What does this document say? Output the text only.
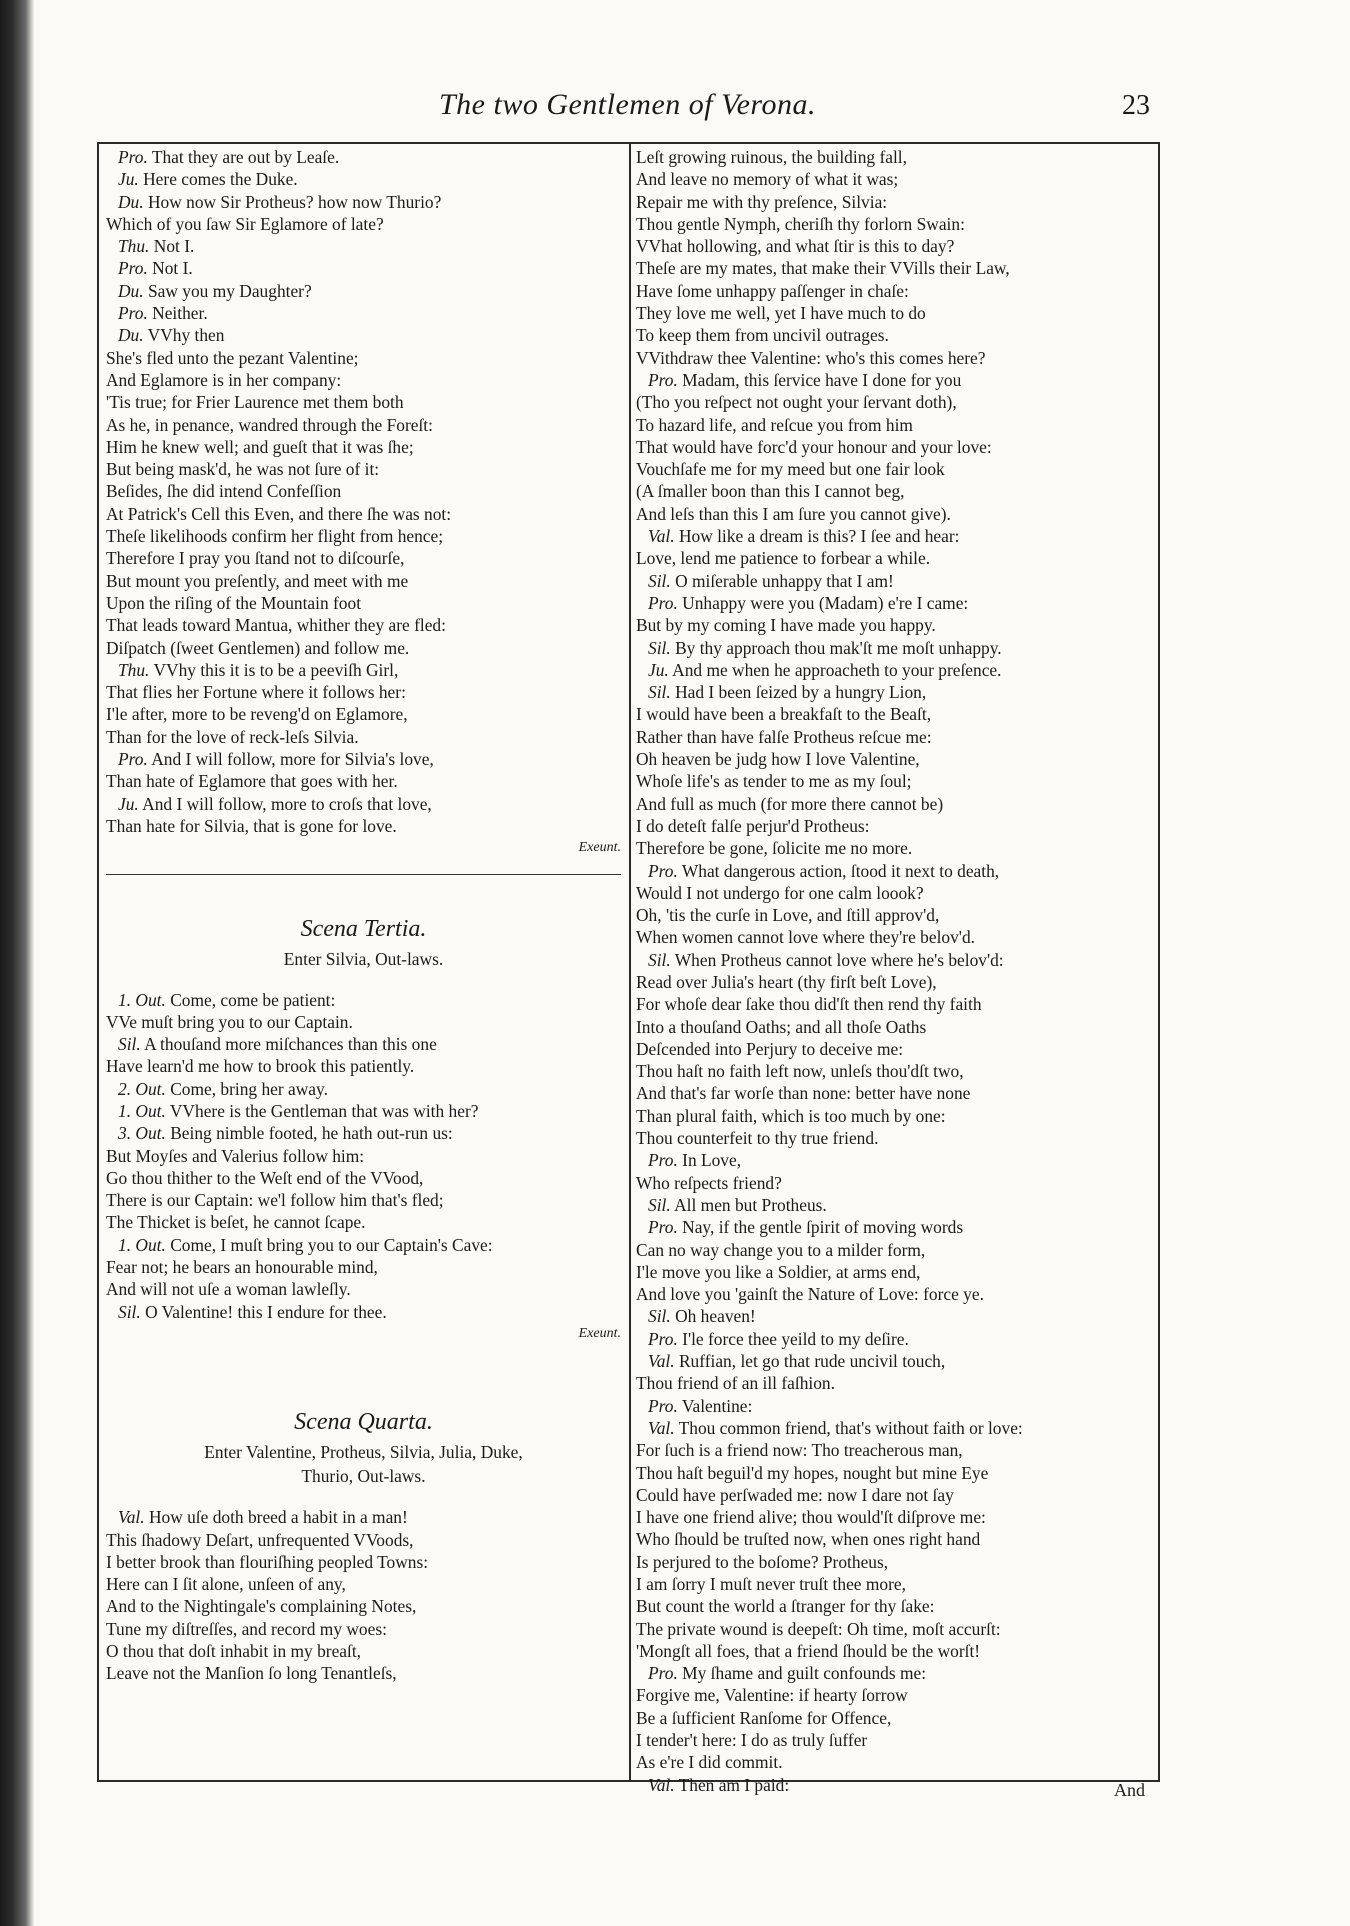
The two Gentlemen of Verona.	23
Pro. That they are out by Leaſe.
Ju. Here comes the Duke.
Du. How now Sir Protheus? how now Thurio?
Which of you ſaw Sir Eglamore of late?
Thu. Not I.
Pro. Not I.
Du. Saw you my Daughter?
Pro. Neither.
Du. VVhy then
She's fled unto the pezant Valentine;
And Eglamore is in her company:
'Tis true; for Frier Laurence met them both
As he, in penance, wandred through the Foreſt:
Him he knew well; and gueſt that it was ſhe;
But being mask'd, he was not ſure of it:
Beſides, ſhe did intend Confeſſion
At Patrick's Cell this Even, and there ſhe was not:
Theſe likelihoods confirm her flight from hence;
Therefore I pray you ſtand not to diſcourſe,
But mount you preſently, and meet with me
Upon the riſing of the Mountain foot
That leads toward Mantua, whither they are fled:
Diſpatch (ſweet Gentlemen) and follow me.
Thu. VVhy this it is to be a peeviſh Girl,
That flies her Fortune where it follows her:
I'le after, more to be reveng'd on Eglamore,
Than for the love of reck-leſs Silvia.
Pro. And I will follow, more for Silvia's love,
Than hate of Eglamore that goes with her.
Ju. And I will follow, more to croſs that love,
Than hate for Silvia, that is gone for love.
Exeunt.
Scena Tertia.
Enter Silvia, Out-laws.
1. Out. Come, come be patient:
VVe muſt bring you to our Captain.
Sil. A thouſand more miſchances than this one
Have learn'd me how to brook this patiently.
2. Out. Come, bring her away.
1. Out. VVhere is the Gentleman that was with her?
3. Out. Being nimble footed, he hath out-run us:
But Moyſes and Valerius follow him:
Go thou thither to the Weſt end of the VVood,
There is our Captain: we'l follow him that's fled;
The Thicket is beſet, he cannot ſcape.
1. Out. Come, I muſt bring you to our Captain's Cave:
Fear not; he bears an honourable mind,
And will not uſe a woman lawleſly.
Sil. O Valentine! this I endure for thee.
Exeunt.
Scena Quarta.
Enter Valentine, Protheus, Silvia, Julia, Duke,
Thurio, Out-laws.
Val. How uſe doth breed a habit in a man!
This ſhadowy Deſart, unfrequented VVoods,
I better brook than flouriſhing peopled Towns:
Here can I ſit alone, unſeen of any,
And to the Nightingale's complaining Notes,
Tune my diſtreſſes, and record my woes:
O thou that doſt inhabit in my breaſt,
Leave not the Manſion ſo long Tenantleſs,
Leſt growing ruinous, the building fall,
And leave no memory of what it was;
Repair me with thy preſence, Silvia:
Thou gentle Nymph, cheriſh thy forlorn Swain:
VVhat hollowing, and what ſtir is this to day?
Theſe are my mates, that make their VVills their Law,
Have ſome unhappy paſſenger in chaſe:
They love me well, yet I have much to do
To keep them from uncivil outrages.
VVithdraw thee Valentine: who's this comes here?
Pro. Madam, this ſervice have I done for you
(Tho you reſpect not ought your ſervant doth),
To hazard life, and reſcue you from him
That would have forc'd your honour and your love:
Vouchſafe me for my meed but one fair look
(A ſmaller boon than this I cannot beg,
And leſs than this I am ſure you cannot give).
Val. How like a dream is this? I ſee and hear:
Love, lend me patience to forbear a while.
Sil. O miſerable unhappy that I am!
Pro. Unhappy were you (Madam) e're I came:
But by my coming I have made you happy.
Sil. By thy approach thou mak'ſt me moſt unhappy.
Ju. And me when he approacheth to your preſence.
Sil. Had I been ſeized by a hungry Lion,
I would have been a breakfaſt to the Beaſt,
Rather than have falſe Protheus reſcue me:
Oh heaven be judg how I love Valentine,
Whoſe life's as tender to me as my ſoul;
And full as much (for more there cannot be)
I do deteſt falſe perjur'd Protheus:
Therefore be gone, ſolicite me no more.
Pro. What dangerous action, ſtood it next to death,
Would I not undergo for one calm loook?
Oh, 'tis the curſe in Love, and ſtill approv'd,
When women cannot love where they're belov'd.
Sil. When Protheus cannot love where he's belov'd:
Read over Julia's heart (thy firſt beſt Love),
For whoſe dear ſake thou did'ſt then rend thy faith
Into a thouſand Oaths; and all thoſe Oaths
Deſcended into Perjury to deceive me:
Thou haſt no faith left now, unleſs thou'dſt two,
And that's far worſe than none: better have none
Than plural faith, which is too much by one:
Thou counterfeit to thy true friend.
Pro. In Love,
Who reſpects friend?
Sil. All men but Protheus.
Pro. Nay, if the gentle ſpirit of moving words
Can no way change you to a milder form,
I'le move you like a Soldier, at arms end,
And love you 'gainſt the Nature of Love: force ye.
Sil. Oh heaven!
Pro. I'le force thee yeild to my deſire.
Val. Ruffian, let go that rude uncivil touch,
Thou friend of an ill faſhion.
Pro. Valentine:
Val. Thou common friend, that's without faith or love:
For ſuch is a friend now: Tho treacherous man,
Thou haſt beguil'd my hopes, nought but mine Eye
Could have perſwaded me: now I dare not ſay
I have one friend alive; thou would'ſt diſprove me:
Who ſhould be truſted now, when ones right hand
Is perjured to the boſome? Protheus,
I am ſorry I muſt never truſt thee more,
But count the world a ſtranger for thy ſake:
The private wound is deepeſt: Oh time, moſt accurſt:
'Mongſt all foes, that a friend ſhould be the worſt!
Pro. My ſhame and guilt confounds me:
Forgive me, Valentine: if hearty ſorrow
Be a ſufficient Ranſome for Offence,
I tender't here: I do as truly ſuffer
As e're I did commit.
Val. Then am I paid:	And
